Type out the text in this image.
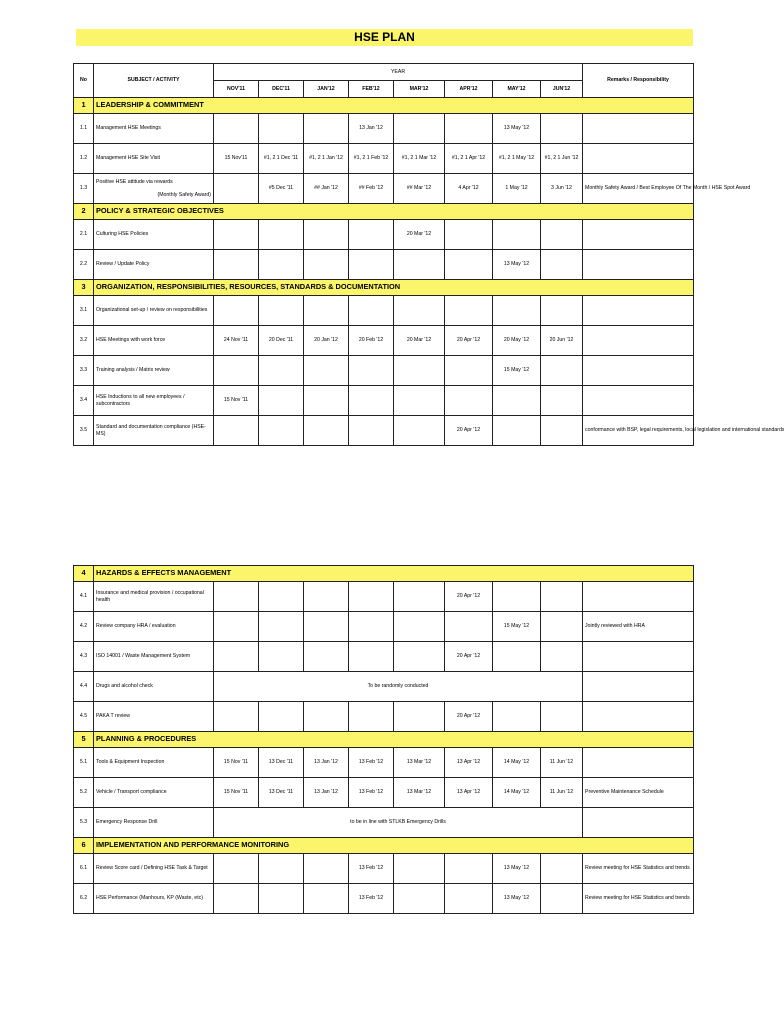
HSE PLAN
No	SUBJECT / ACTIVITY	YEAR								Remarks / Responsibility
		NOV'11	DEC'11	JAN'12	FEB'12	MAR'12	APR'12	MAY'12	JUN'12	
1	LEADERSHIP & COMMITMENT									
1.1	Management HSE Meetings				13 Jan '12			13 May '12		
1.2	Management HSE Site Visit	15 Nov'11	#1, 2 1 Dec '11	#1, 2 1 Jan '12	#1, 2 1 Feb '12	#1, 2 1 Mar '12	#1, 2 1 Apr '12	#1, 2 1 May '12	#1, 2 1 Jun '12	
1.3	Positive HSE attitude via rewards
(Monthly Safety Award)		#5 Dec '11	## Jan '12	## Feb '12	## Mar '12	4 Apr '12	1 May '12	3 Jun '12	Monthly Safety Award / Best Employee Of The Month / HSE Spot Award
2	POLICY & STRATEGIC OBJECTIVES									
2.1	Culturing HSE Policies					20 Mar '12				
2.2	Review / Update Policy							13 May '12		
3	ORGANIZATION, RESPONSIBILITIES, RESOURCES, STANDARDS & DOCUMENTATION									
3.1	Organizational set-up / review on responsibilities									

3.2	HSE Meetings with work force	24 Nov '11	20 Dec '11	20 Jan '12	20 Feb '12	20 Mar '12	20 Apr '12	20 May '12	20 Jun '12	
3.3	Training analysis / Matrix review							15 May '12		
3.4	HSE Inductions to all new employees / subcontractors	15 Nov '11								
3.5	Standard and documentation compliance (HSE-MS)						20 Apr '12			conformance with BSP, legal requirements, local legislation and international standards
4	HAZARDS & EFFECTS MANAGEMENT									
4.1	Insurance and medical provision / occupational health						20 Apr '12			
4.2	Review company HRA / evaluation							15 May '12		Jointly reviewed with HRA
4.3	ISO 14001 / Waste Management System						20 Apr '12			
4.4	Drugs and alcohol check	To be randomly conducted								
4.5	PAKA T review						20 Apr '12			
5	PLANNING & PROCEDURES									
5.1	Tools & Equipment Inspection	15 Nov '11	13 Dec '11	13 Jan '12	13 Feb '12	13 Mar '12	13 Apr '12	14 May '12	11 Jun '12	
5.2	Vehicle / Transport compliance	15 Nov '11	13 Dec '11	13 Jan '12	13 Feb '12	13 Mar '12	13 Apr '12	14 May '12	11 Jun '12	Preventive Maintenance Schedule
5.3	Emergency Response Drill	to be in line with STLKB Emergency Drills								
6	IMPLEMENTATION AND PERFORMANCE MONITORING									
6.1	Review Score card / Defining HSE Task & Target				13 Feb '12			13 May '12		Review meeting for HSE Statistics and trends
6.2	HSE Performance (Manhours, KP (Waste, etc)				13 Feb '12			13 May '12		Review meeting for HSE Statistics and trends
